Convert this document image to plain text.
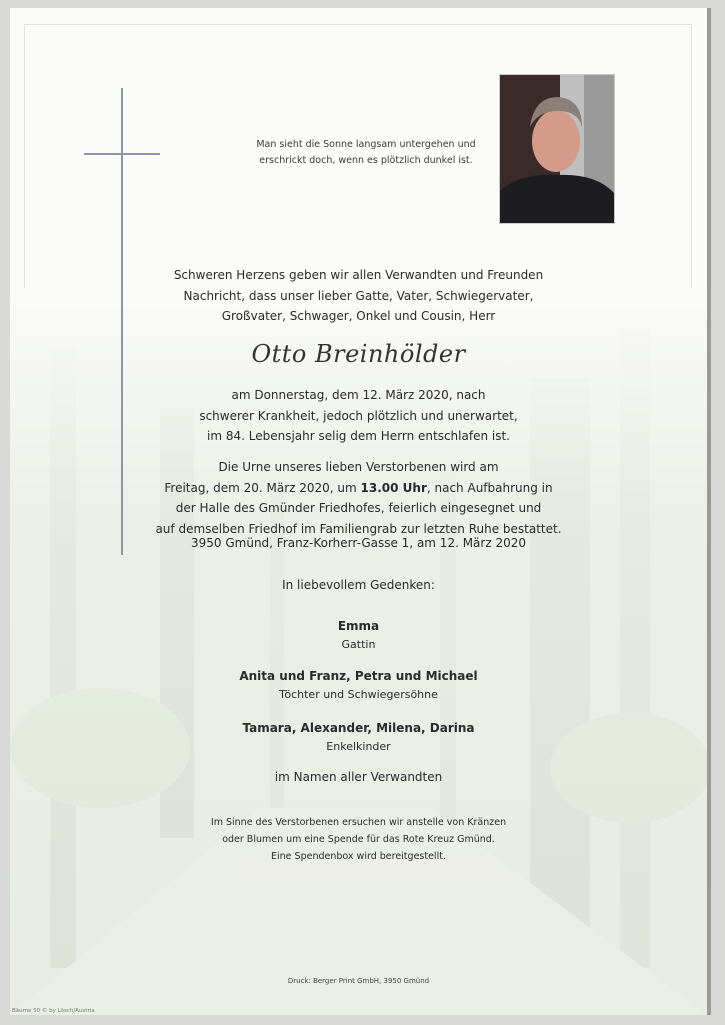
Man sieht die Sonne langsam untergehen und
erschrickt doch, wenn es plötzlich dunkel ist.

Schweren Herzens geben wir allen Verwandten und Freunden

Nachricht, dass unser lieber Gatte, Vater, Schwiegervater,

Großvater, Schwager, Onkel und Cousin, Herr

Otto Breinhölder

am Donnerstag, dem 12. März 2020, nach

schwerer Krankheit, jedoch plötzlich und unerwartet,

im 84. Lebensjahr selig dem Herrn entschlafen ist.

Die Urne unseres lieben Verstorbenen wird am

Freitag, dem 20. März 2020, um 13.00 Uhr, nach Aufbahrung in

der Halle des Gmünder Friedhofes, feierlich eingesegnet und

auf demselben Friedhof im Familiengrab zur letzten Ruhe bestattet.

3950 Gmünd, Franz-Korherr-Gasse 1, am 12. März 2020

In liebevollem Gedenken:

Emma

Gattin

Anita und Franz, Petra und Michael

Töchter und Schwiegersöhne

Tamara, Alexander, Milena, Darina

Enkelkinder

im Namen aller Verwandten

Im Sinne des Verstorbenen ersuchen wir anstelle von Kränzen
oder Blumen um eine Spende für das Rote Kreuz Gmünd.
Eine Spendenbox wird bereitgestellt.
Druck: Berger Print GmbH, 3950 Gmünd
Bäume 50 © by Lösch/Austria
